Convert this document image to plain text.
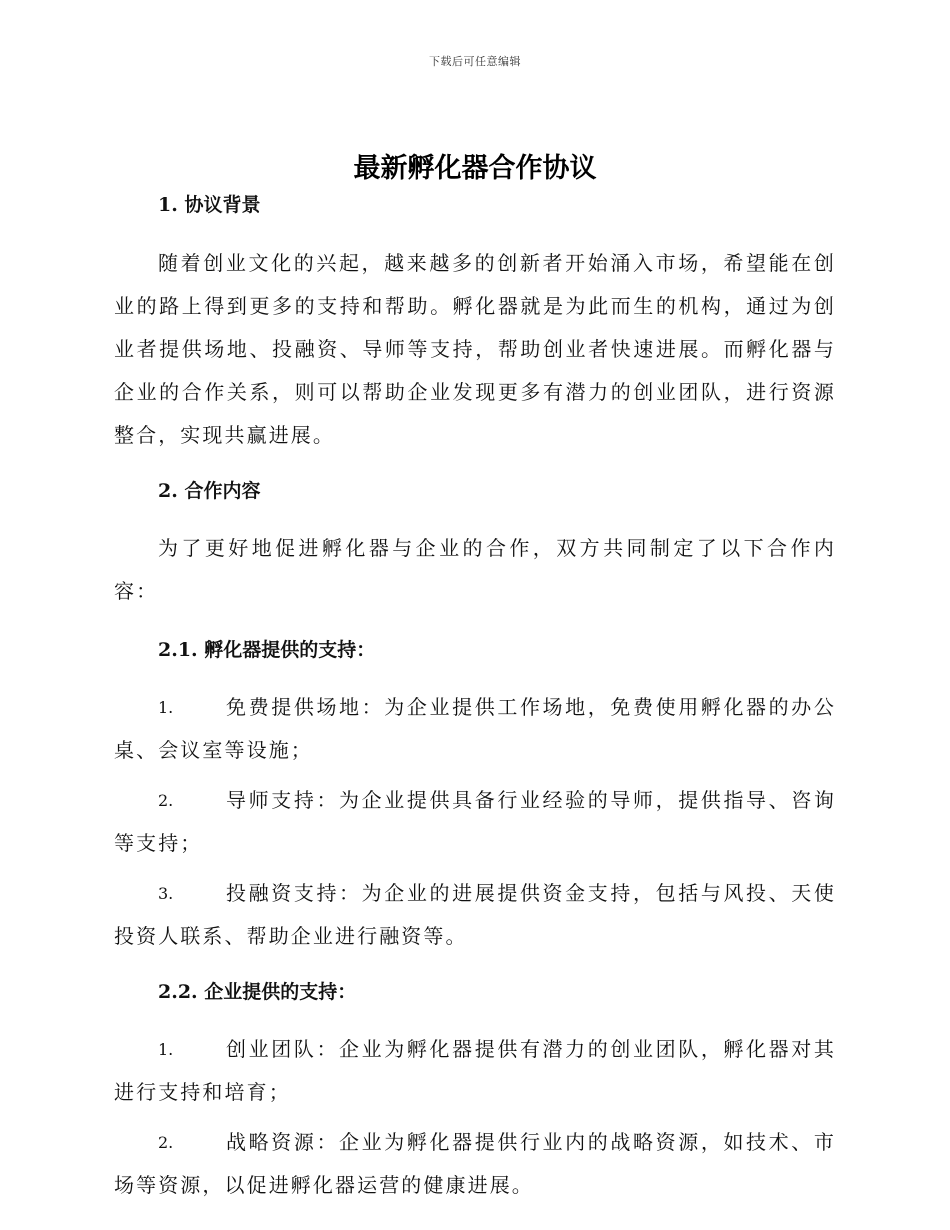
下载后可任意编辑
最新孵化器合作协议
1. 协议背景

随着创业文化的兴起，越来越多的创新者开始涌入市场，希望能在创业的路上得到更多的支持和帮助。孵化器就是为此而生的机构，通过为创业者提供场地、投融资、导师等支持，帮助创业者快速进展。而孵化器与企业的合作关系，则可以帮助企业发现更多有潜力的创业团队，进行资源整合，实现共赢进展。

2. 合作内容

为了更好地促进孵化器与企业的合作，双方共同制定了以下合作内容：

2.1. 孵化器提供的支持：

1.	免费提供场地：为企业提供工作场地，免费使用孵化器的办公桌、会议室等设施；

2.	导师支持：为企业提供具备行业经验的导师，提供指导、咨询等支持；

3.	投融资支持：为企业的进展提供资金支持，包括与风投、天使投资人联系、帮助企业进行融资等。

2.2. 企业提供的支持：

1.	创业团队：企业为孵化器提供有潜力的创业团队，孵化器对其进行支持和培育；

2.	战略资源：企业为孵化器提供行业内的战略资源，如技术、市场等资源，以促进孵化器运营的健康进展。
